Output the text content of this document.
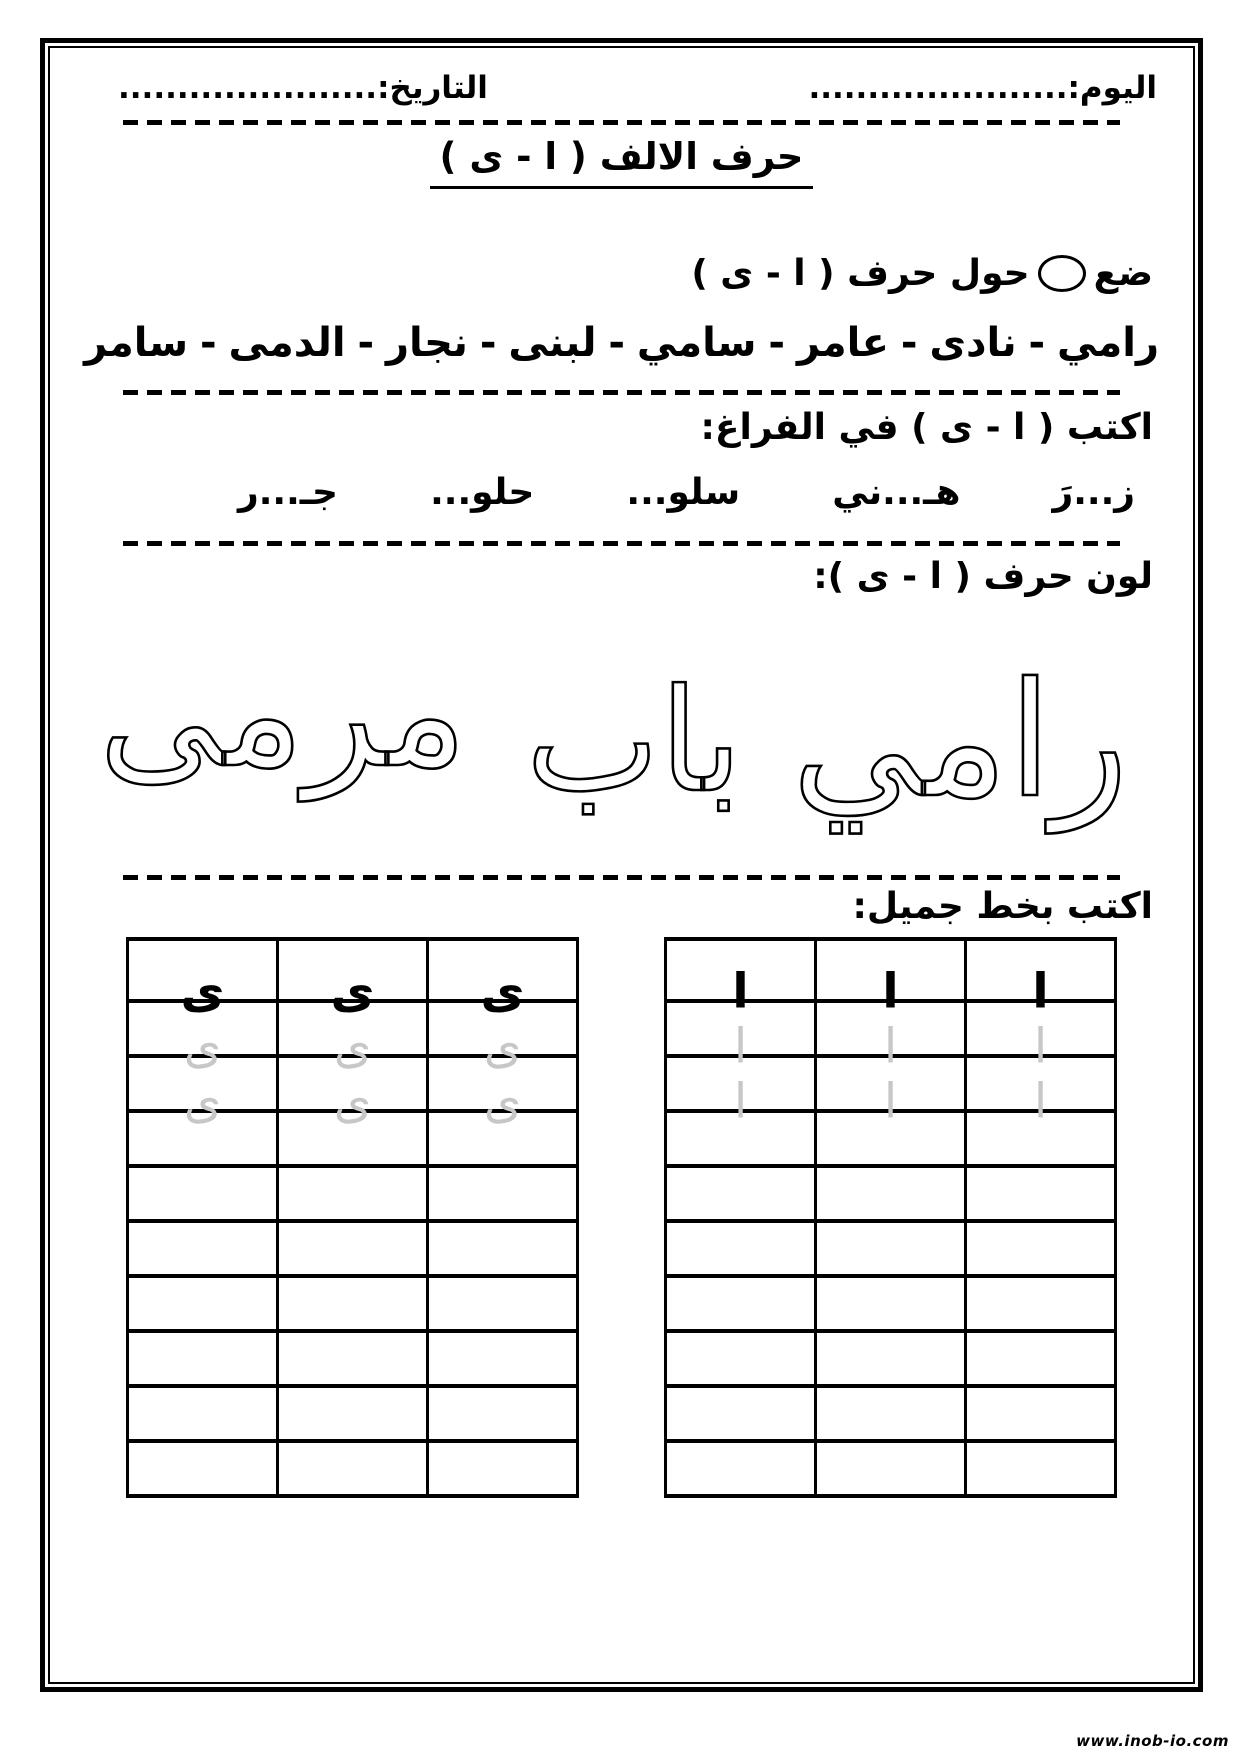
اليوم:......................
التاريخ:......................
حرف الالف ( ا - ى )
ضع
حول حرف ( ا - ى )
رامي
-
نادى
-
عامر
-
سامي
-
لبنى
-
نجار
-
الدمى
-
سامر
اكتب ( ا - ى ) في الفراغ:
ز...رَ
هـ...ني
سلو...
حلو...
جـ...ر
لون حرف ( ا - ى ):
رامي
باب
مرمى
اكتب بخط جميل:
ا	ا	ا
ا	ا	ا
ا	ا	ا

ى	ى	ى
ى	ى	ى
ى	ى	ى

www.inob-io.com
